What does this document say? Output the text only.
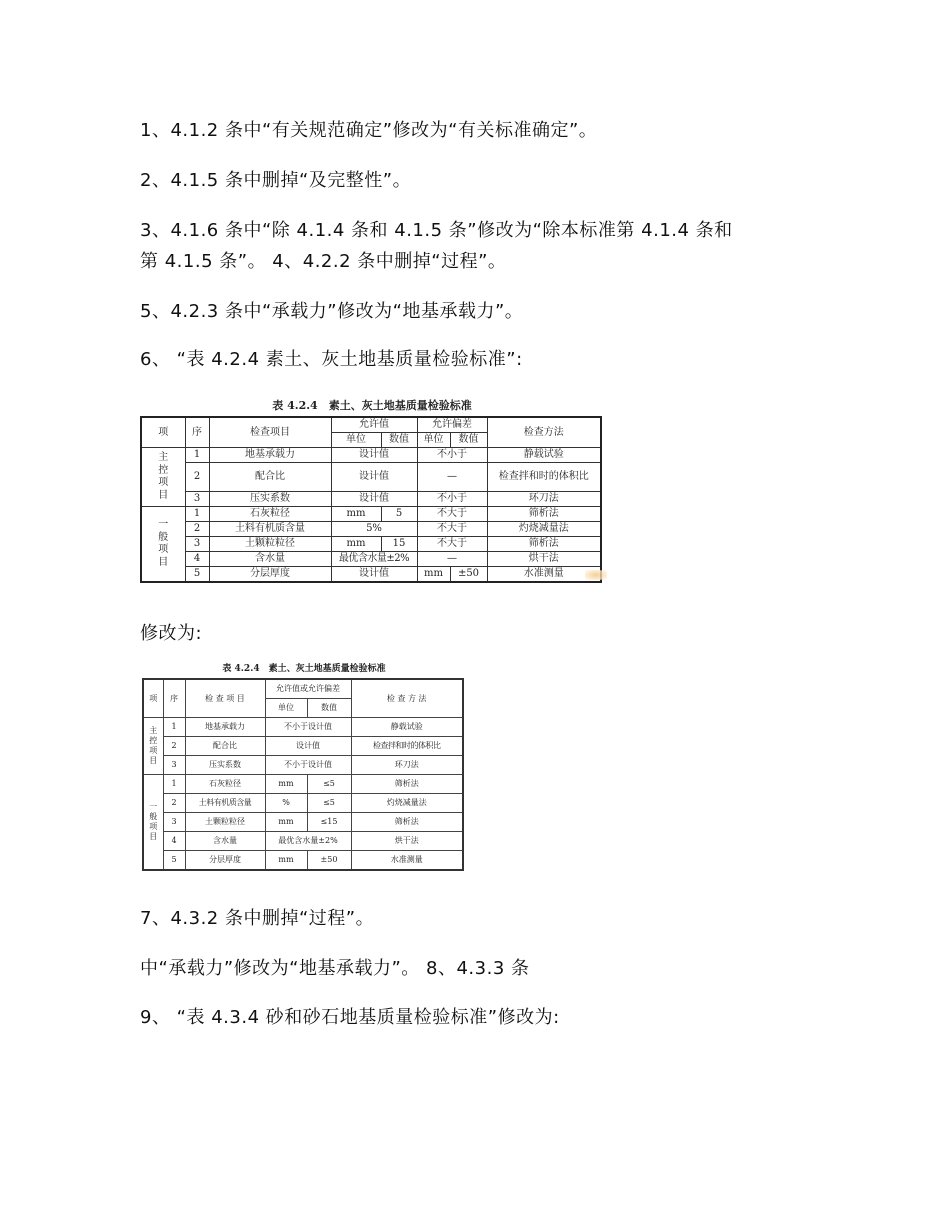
1、4.1.2 条中“有关规范确定”修改为“有关标准确定”。
2、4.1.5 条中删掉“及完整性”。
3、4.1.6 条中“除 4.1.4 条和 4.1.5 条”修改为“除本标准第 4.1.4 条和
第 4.1.5 条”。 4、4.2.2 条中删掉“过程”。
5、4.2.3 条中“承载力”修改为“地基承载力”。
6、 “表 4.2.4 素土、灰土地基质量检验标准”:
表 4.2.4　素土、灰土地基质量检验标准
项	序	检查项目	允许值		允许偏差		检查方法
			单位	数值	单位	数值	
主控项目	1	地基承载力	设计值		不小于		静载试验
	2	配合比	设计值		—		检查拌和时的体积比
	3	压实系数	设计值		不小于		环刀法
一般项目	1	石灰粒径	mm	5	不大于		筛析法
	2	土料有机质含量	5%		不大于		灼烧减量法
	3	土颗粒粒径	mm	15	不大于		筛析法
	4	含水量	最优含水量±2%		—		烘干法
	5	分层厚度	设计值		mm	±50	水准测量
修改为:
表 4.2.4　素土、灰土地基质量检验标准
项	序	检 查 项 目	允许值或允许偏差		检 查 方 法
			单位	数值	
主控项目	1	地基承载力	不小于设计值		静载试验
	2	配合比	设计值		检查拌和时的体积比
	3	压实系数	不小于设计值		环刀法
一般项目	1	石灰粒径	mm	≤5	筛析法
	2	土料有机质含量	%	≤5	灼烧减量法
	3	土颗粒粒径	mm	≤15	筛析法
	4	含水量	最优含水量±2%		烘干法
	5	分层厚度	mm	±50	水准测量
7、4.3.2 条中删掉“过程”。
中“承载力”修改为“地基承载力”。 8、4.3.3 条
9、 “表 4.3.4 砂和砂石地基质量检验标准”修改为:
